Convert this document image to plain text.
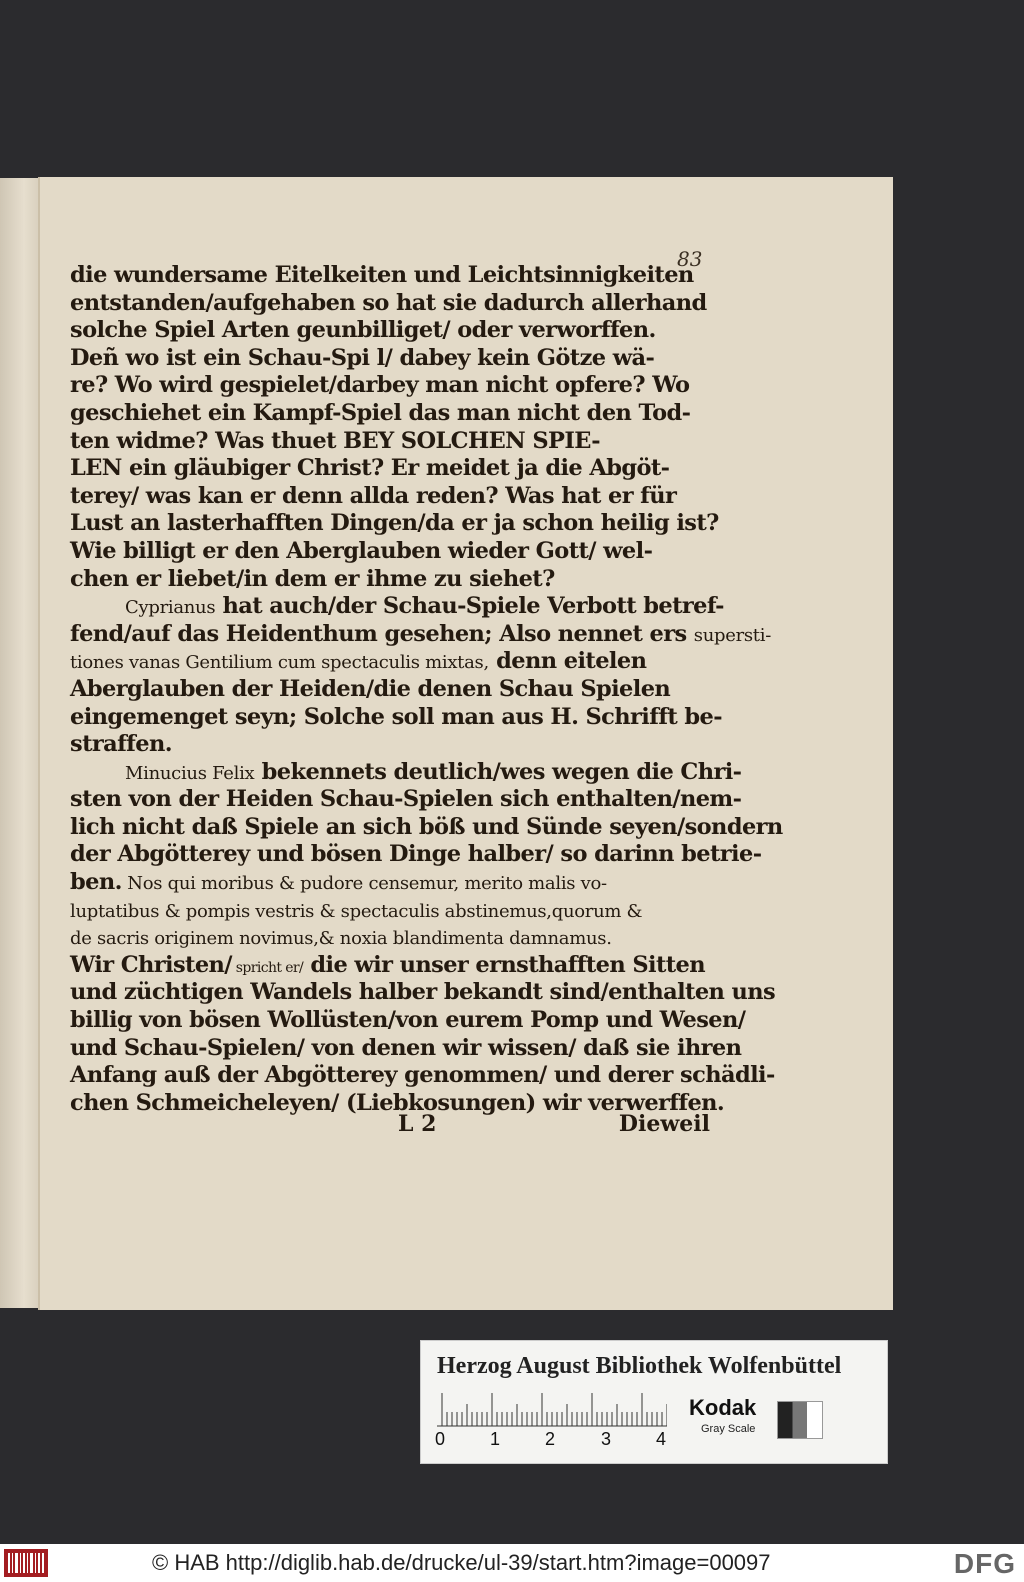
83
die wundersame Eitelkeiten und Leichtsinnigkeiten
entstanden/aufgehaben so hat sie dadurch allerhand
solche Spiel Arten geunbilliget/ oder verworffen.
Deñ wo ist ein Schau-Spi l/ dabey kein Götze wä-
re? Wo wird gespielet/darbey man nicht opfere? Wo
geschiehet ein Kampf-Spiel das man nicht den Tod-
ten widme? Was thuet BEY SOLCHEN SPIE-
LEN ein gläubiger Christ? Er meidet ja die Abgöt-
terey/ was kan er denn allda reden? Was hat er für
Lust an lasterhafften Dingen/da er ja schon heilig ist?
Wie billigt er den Aberglauben wieder Gott/ wel-
chen er liebet/in dem er ihme zu siehet?
Cyprianus hat auch/der Schau-Spiele Verbott betref-
fend/auf das Heidenthum gesehen; Also nennet ers supersti-
tiones vanas Gentilium cum spectaculis mixtas, denn eitelen
Aberglauben der Heiden/die denen Schau Spielen
eingemenget seyn; Solche soll man aus H. Schrifft be-
straffen.
Minucius Felix bekennets deutlich/wes wegen die Chri-
sten von der Heiden Schau-Spielen sich enthalten/nem-
lich nicht daß Spiele an sich böß und Sünde seyen/sondern
der Abgötterey und bösen Dinge halber/ so darinn betrie-
ben. Nos qui moribus & pudore censemur, merito malis vo-
luptatibus & pompis vestris & spectaculis abstinemus,quorum &
de sacris originem novimus,& noxia blandimenta damnamus.
Wir Christen/ spricht er/ die wir unser ernsthafften Sitten
und züchtigen Wandels halber bekandt sind/enthalten uns
billig von bösen Wollüsten/von eurem Pomp und Wesen/
und Schau-Spielen/ von denen wir wissen/ daß sie ihren
Anfang auß der Abgötterey genommen/ und derer schädli-
chen Schmeicheleyen/ (Liebkosungen) wir verwerffen.
L 2	Dieweil
Herzog August Bibliothek Wolfenbüttel
0 1 2	3 4
Kodak
Gray Scale
© HAB http://diglib.hab.de/drucke/ul-39/start.htm?image=00097	DFG
